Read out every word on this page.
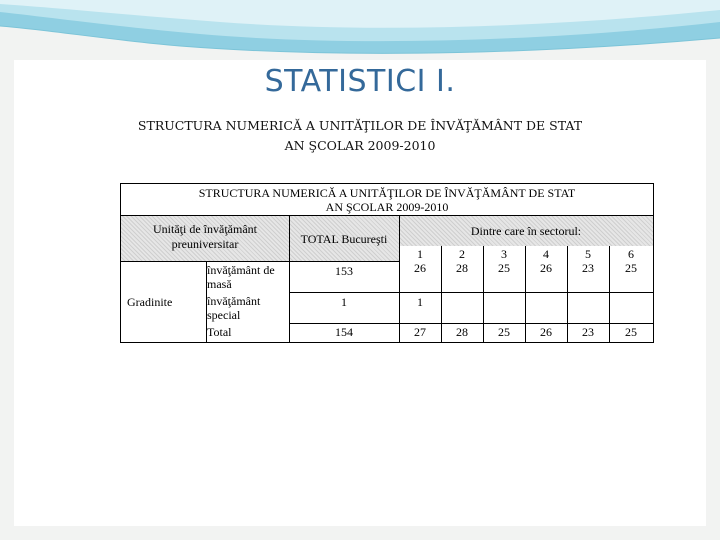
STATISTICI I.
STRUCTURA NUMERICĂ A UNITĂŢILOR DE ÎNVĂŢĂMÂNT DE STAT
AN ŞCOLAR 2009-2010
STRUCTURA NUMERICĂ A UNITĂŢILOR DE ÎNVĂŢĂMÂNT DE STAT
AN ŞCOLAR 2009-2010
Unităţi de învăţământ preuniversitar	TOTAL Bucureşti
Dintre care în sectorul:
Gradinite
învăţământ de masă
învăţământ special
Total
153
1
154
1
26
1
27
2
28
28
3
25
25
4
26
26
5
23
23
6
25
25
